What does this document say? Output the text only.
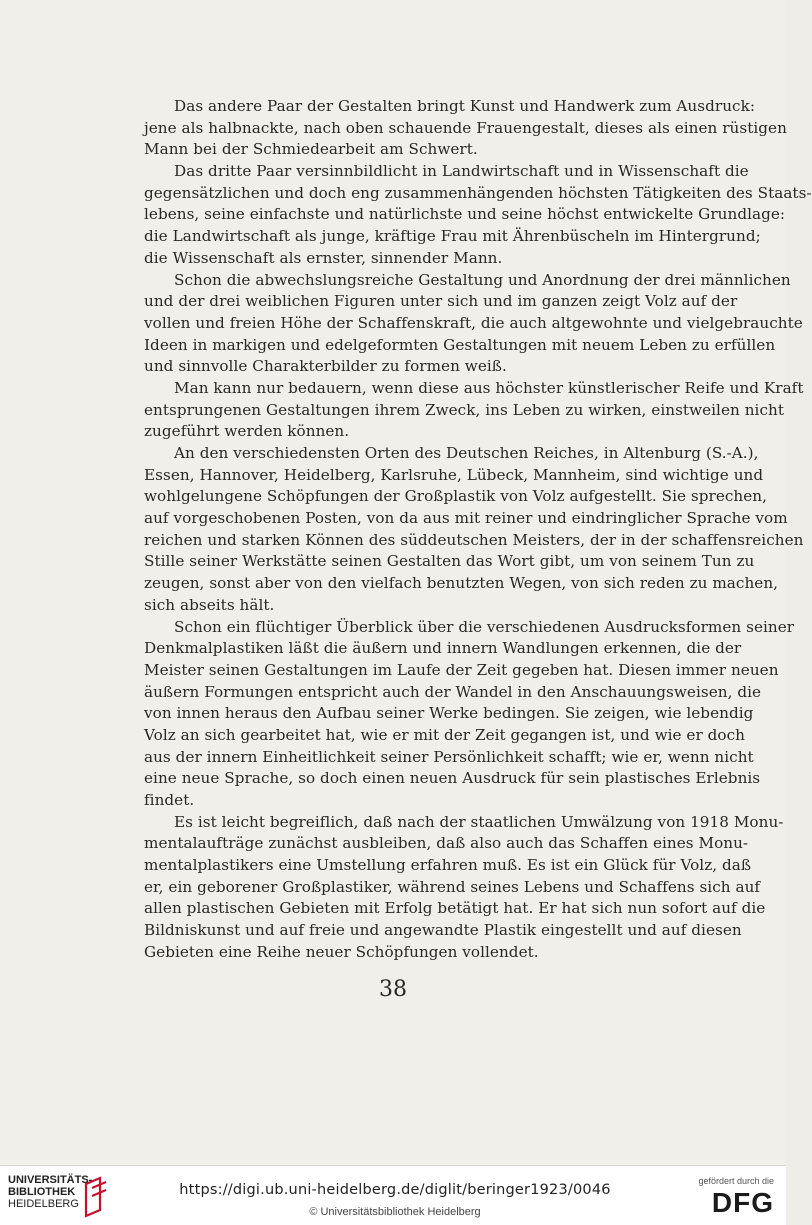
Das andere Paar der Gestalten bringt Kunst und Handwerk zum Ausdruck:
jene als halbnackte, nach oben schauende Frauengestalt, dieses als einen rüstigen
Mann bei der Schmiedearbeit am Schwert.
Das dritte Paar versinnbildlicht in Landwirtschaft und in Wissenschaft die
gegensätzlichen und doch eng zusammenhängenden höchsten Tätigkeiten des Staats-
lebens, seine einfachste und natürlichste und seine höchst entwickelte Grundlage:
die Landwirtschaft als junge, kräftige Frau mit Ährenbüscheln im Hintergrund;
die Wissenschaft als ernster, sinnender Mann.
Schon die abwechslungsreiche Gestaltung und Anordnung der drei männlichen
und der drei weiblichen Figuren unter sich und im ganzen zeigt Volz auf der
vollen und freien Höhe der Schaffenskraft, die auch altgewohnte und vielgebrauchte
Ideen in markigen und edelgeformten Gestaltungen mit neuem Leben zu erfüllen
und sinnvolle Charakterbilder zu formen weiß.
Man kann nur bedauern, wenn diese aus höchster künstlerischer Reife und Kraft
entsprungenen Gestaltungen ihrem Zweck, ins Leben zu wirken, einstweilen nicht
zugeführt werden können.
An den verschiedensten Orten des Deutschen Reiches, in Altenburg (S.-A.),
Essen, Hannover, Heidelberg, Karlsruhe, Lübeck, Mannheim, sind wichtige und
wohlgelungene Schöpfungen der Großplastik von Volz aufgestellt. Sie sprechen,
auf vorgeschobenen Posten, von da aus mit reiner und eindringlicher Sprache vom
reichen und starken Können des süddeutschen Meisters, der in der schaffensreichen
Stille seiner Werkstätte seinen Gestalten das Wort gibt, um von seinem Tun zu
zeugen, sonst aber von den vielfach benutzten Wegen, von sich reden zu machen,
sich abseits hält.
Schon ein flüchtiger Überblick über die verschiedenen Ausdrucksformen seiner
Denkmalplastiken läßt die äußern und innern Wandlungen erkennen, die der
Meister seinen Gestaltungen im Laufe der Zeit gegeben hat. Diesen immer neuen
äußern Formungen entspricht auch der Wandel in den Anschauungsweisen, die
von innen heraus den Aufbau seiner Werke bedingen. Sie zeigen, wie lebendig
Volz an sich gearbeitet hat, wie er mit der Zeit gegangen ist, und wie er doch
aus der innern Einheitlichkeit seiner Persönlichkeit schafft; wie er, wenn nicht
eine neue Sprache, so doch einen neuen Ausdruck für sein plastisches Erlebnis
findet.
Es ist leicht begreiflich, daß nach der staatlichen Umwälzung von 1918 Monu-
mentalaufträge zunächst ausbleiben, daß also auch das Schaffen eines Monu-
mentalplastikers eine Umstellung erfahren muß. Es ist ein Glück für Volz, daß
er, ein geborener Großplastiker, während seines Lebens und Schaffens sich auf
allen plastischen Gebieten mit Erfolg betätigt hat. Er hat sich nun sofort auf die
Bildniskunst und auf freie und angewandte Plastik eingestellt und auf diesen
Gebieten eine Reihe neuer Schöpfungen vollendet.
38
UNIVERSITÄTS-
BIBLIOTHEK
HEIDELBERG
https://digi.ub.uni-heidelberg.de/diglit/beringer1923/0046
© Universitätsbibliothek Heidelberg
gefördert durch die
DFG
